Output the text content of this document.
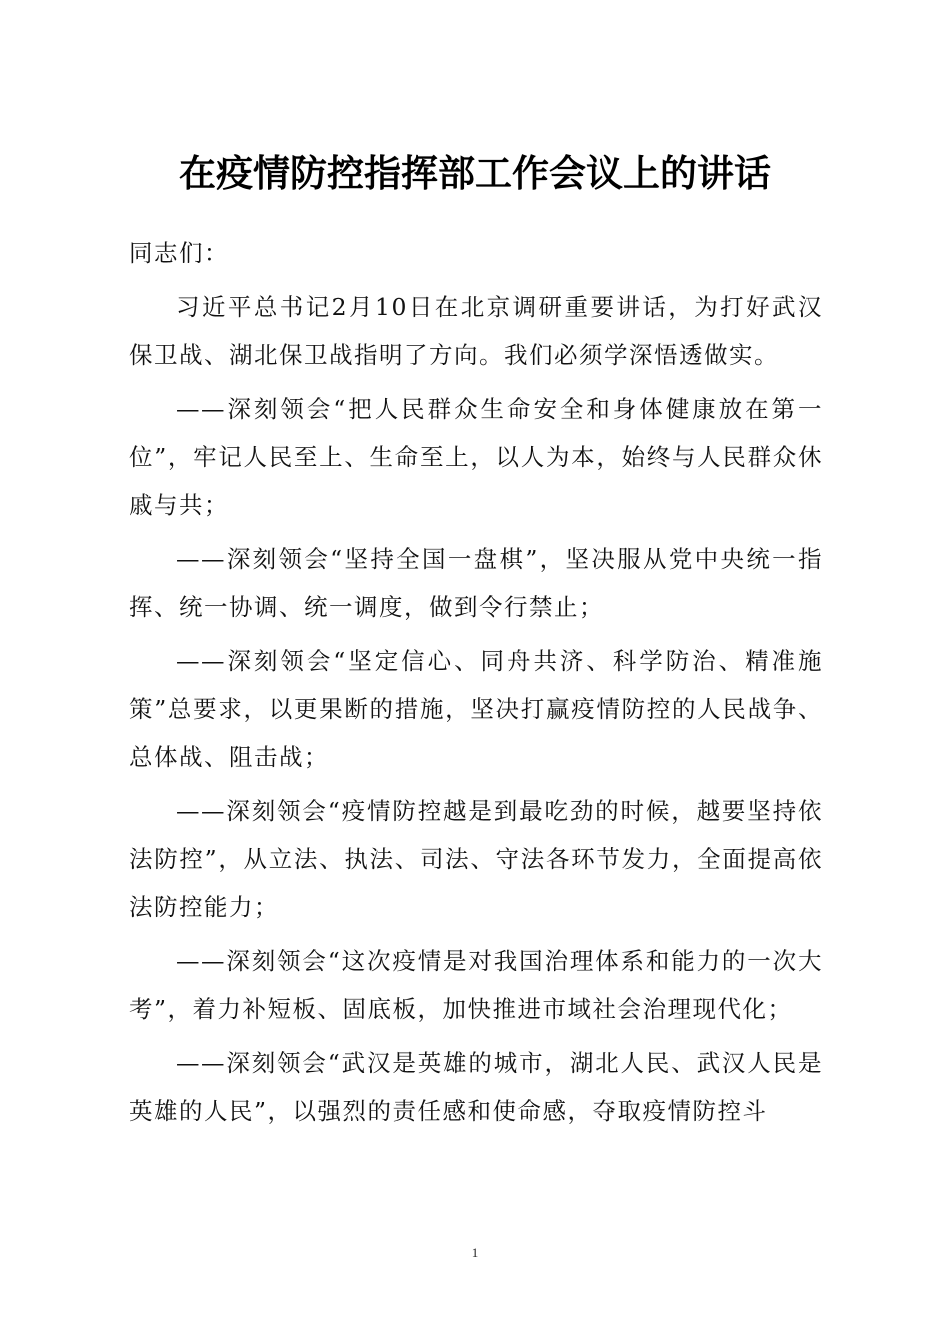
在疫情防控指挥部工作会议上的讲话

同志们：

习近平总书记2月10日在北京调研重要讲话，为打好武汉保卫战、湖北保卫战指明了方向。我们必须学深悟透做实。

——深刻领会“把人民群众生命安全和身体健康放在第一位”，牢记人民至上、生命至上，以人为本，始终与人民群众休戚与共；

——深刻领会“坚持全国一盘棋”，坚决服从党中央统一指挥、统一协调、统一调度，做到令行禁止；

——深刻领会“坚定信心、同舟共济、科学防治、精准施策”总要求，以更果断的措施，坚决打赢疫情防控的人民战争、总体战、阻击战；

——深刻领会“疫情防控越是到最吃劲的时候，越要坚持依法防控”，从立法、执法、司法、守法各环节发力，全面提高依法防控能力；

——深刻领会“这次疫情是对我国治理体系和能力的一次大考”，着力补短板、固底板，加快推进市域社会治理现代化；

——深刻领会“武汉是英雄的城市，湖北人民、武汉人民是英雄的人民”，以强烈的责任感和使命感，夺取疫情防控斗

1
